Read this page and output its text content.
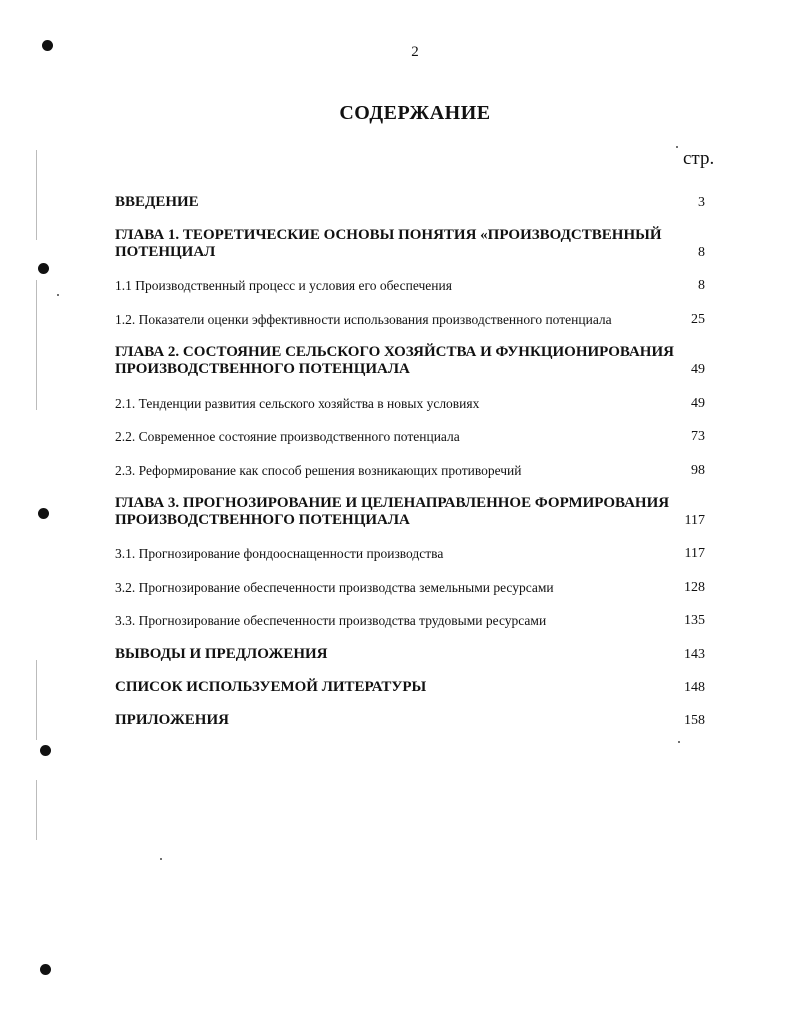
2
СОДЕРЖАНИЕ
стр.
ВВЕДЕНИЕ	3
ГЛАВА 1. ТЕОРЕТИЧЕСКИЕ ОСНОВЫ ПОНЯТИЯ «ПРОИЗВОДСТВЕННЫЙ ПОТЕНЦИАЛ	8
1.1 Производственный процесс и условия его обеспечения	8
1.2. Показатели оценки эффективности использования производственного потенциала	25
ГЛАВА 2. СОСТОЯНИЕ СЕЛЬСКОГО ХОЗЯЙСТВА И ФУНКЦИОНИРОВАНИЯ ПРОИЗВОДСТВЕННОГО ПОТЕНЦИАЛА	49
2.1. Тенденции развития сельского хозяйства в новых условиях	49
2.2. Современное состояние производственного потенциала	73
2.3. Реформирование как способ решения возникающих противоречий	98
ГЛАВА 3. ПРОГНОЗИРОВАНИЕ И ЦЕЛЕНАПРАВЛЕННОЕ ФОРМИРОВАНИЯ ПРОИЗВОДСТВЕННОГО ПОТЕНЦИАЛА	117
3.1. Прогнозирование фондооснащенности производства	117
3.2. Прогнозирование обеспеченности производства земельными ресурсами	128
3.3. Прогнозирование обеспеченности производства трудовыми ресурсами	135
ВЫВОДЫ И ПРЕДЛОЖЕНИЯ	143
СПИСОК ИСПОЛЬЗУЕМОЙ ЛИТЕРАТУРЫ	148
ПРИЛОЖЕНИЯ	158
